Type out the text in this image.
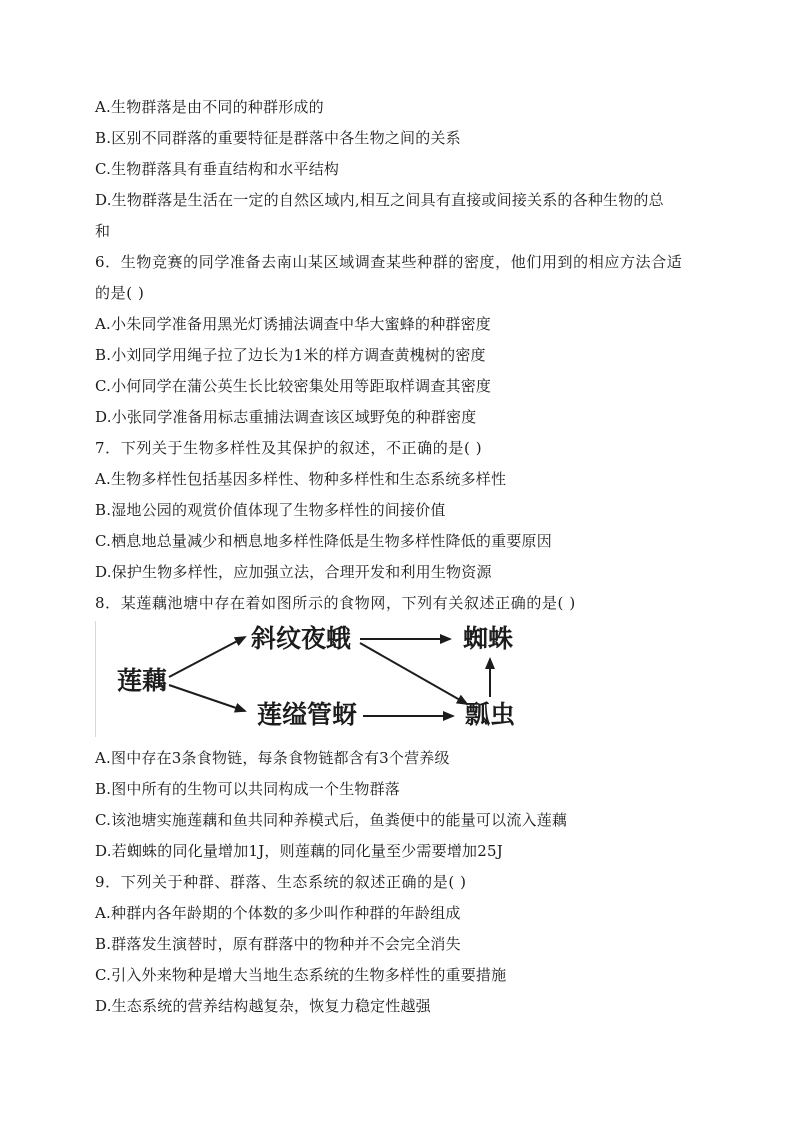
A.生物群落是由不同的种群形成的
B.区别不同群落的重要特征是群落中各生物之间的关系
C.生物群落具有垂直结构和水平结构
D.生物群落是生活在一定的自然区域内,相互之间具有直接或间接关系的各种生物的总
和
6．生物竞赛的同学准备去南山某区域调查某些种群的密度，他们用到的相应方法合适
的是( )
A.小朱同学准备用黑光灯诱捕法调查中华大蜜蜂的种群密度
B.小刘同学用绳子拉了边长为1米的样方调查黄槐树的密度
C.小何同学在蒲公英生长比较密集处用等距取样调查其密度
D.小张同学准备用标志重捕法调查该区域野兔的种群密度
7．下列关于生物多样性及其保护的叙述，不正确的是( )
A.生物多样性包括基因多样性、物种多样性和生态系统多样性
B.湿地公园的观赏价值体现了生物多样性的间接价值
C.栖息地总量减少和栖息地多样性降低是生物多样性降低的重要原因
D.保护生物多样性，应加强立法，合理开发和利用生物资源
8．某莲藕池塘中存在着如图所示的食物网，下列有关叙述正确的是( )
莲藕
斜纹夜蛾
莲缢管蚜
蜘蛛
瓢虫
A.图中存在3条食物链，每条食物链都含有3个营养级
B.图中所有的生物可以共同构成一个生物群落
C.该池塘实施莲藕和鱼共同种养模式后，鱼粪便中的能量可以流入莲藕
D.若蜘蛛的同化量增加1J，则莲藕的同化量至少需要增加25J
9．下列关于种群、群落、生态系统的叙述正确的是( )
A.种群内各年龄期的个体数的多少叫作种群的年龄组成
B.群落发生演替时，原有群落中的物种并不会完全消失
C.引入外来物种是增大当地生态系统的生物多样性的重要措施
D.生态系统的营养结构越复杂，恢复力稳定性越强
